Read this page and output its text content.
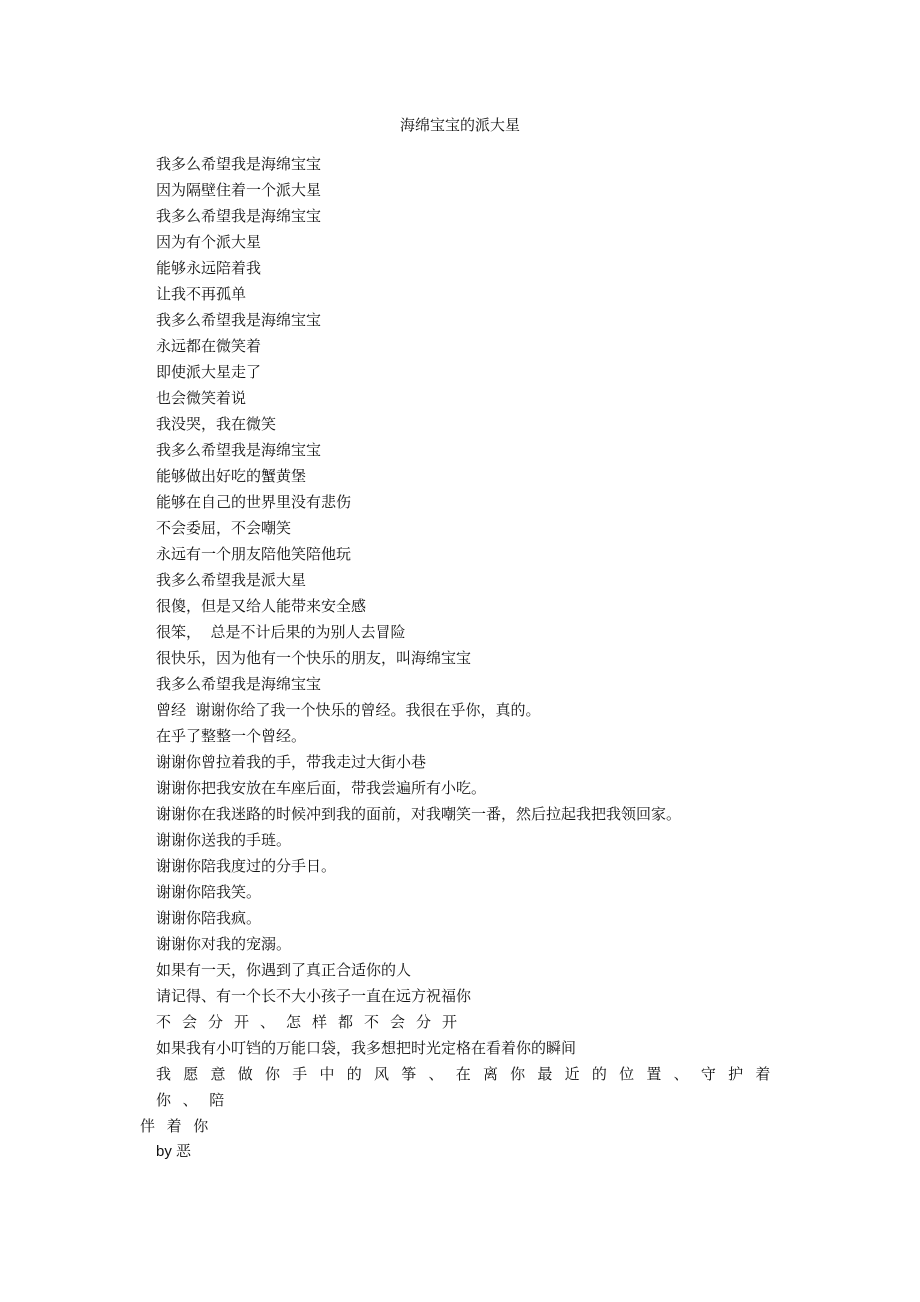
海绵宝宝的派大星
我多么希望我是海绵宝宝
因为隔壁住着一个派大星
我多么希望我是海绵宝宝
因为有个派大星
能够永远陪着我
让我不再孤单
我多么希望我是海绵宝宝
永远都在微笑着
即使派大星走了
也会微笑着说
我没哭，我在微笑
我多么希望我是海绵宝宝
能够做出好吃的蟹黄堡
能够在自己的世界里没有悲伤
不会委屈，不会嘲笑
永远有一个朋友陪他笑陪他玩
我多么希望我是派大星
很傻，但是又给人能带来安全感
很笨，  总是不计后果的为别人去冒险
很快乐，因为他有一个快乐的朋友，叫海绵宝宝
我多么希望我是海绵宝宝
曾经  谢谢你给了我一个快乐的曾经。我很在乎你，真的。
在乎了整整一个曾经。
谢谢你曾拉着我的手，带我走过大街小巷
谢谢你把我安放在车座后面，带我尝遍所有小吃。
谢谢你在我迷路的时候冲到我的面前，对我嘲笑一番，然后拉起我把我领回家。
谢谢你送我的手琏。
谢谢你陪我度过的分手日。
谢谢你陪我笑。
谢谢你陪我疯。
谢谢你对我的宠溺。
如果有一天，你遇到了真正合适你的人
请记得、有一个长不大小孩子一直在远方祝福你
不会分开、怎样都不会分开
如果我有小叮铛的万能口袋，我多想把时光定格在看着你的瞬间
我愿意做你手中的风筝、在离你最近的位置、守护着你、陪
伴着你
by 恶
